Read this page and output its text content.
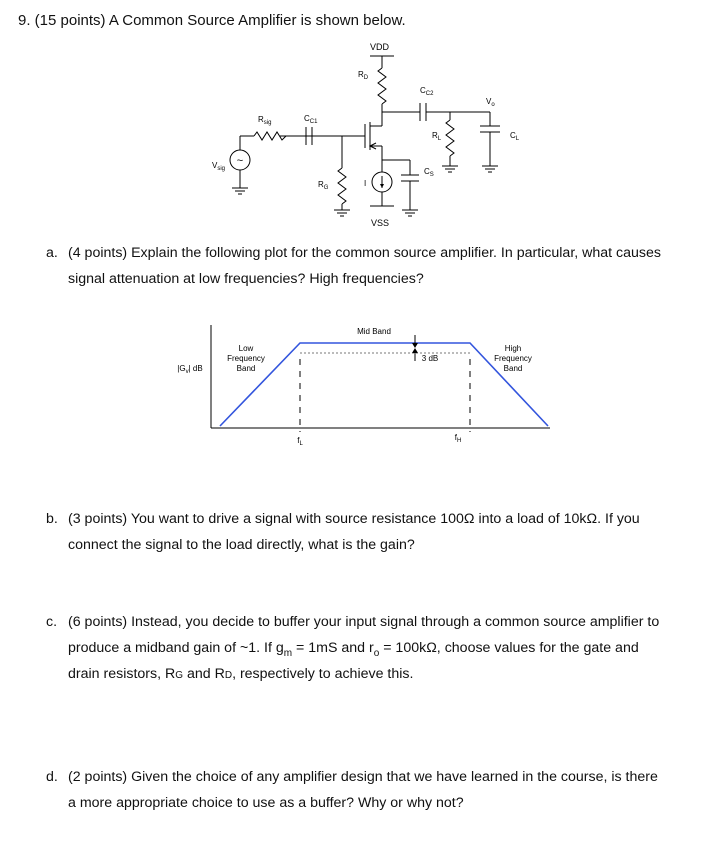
9. (15 points) A Common Source Amplifier is shown below.
~
VDD
VSS
$R_D$
$C_{C2}$
$V_o$
$C_{C1}$
$R_{sig}$
$R_L$	$C_L$
$V_{sig}$
$R_G$	I
$C_S$
a. (4 points) Explain the following plot for the common source amplifier. In particular, what causes
signal attenuation at low frequencies? High frequencies?
$|G_v|$ dB
Low
Frequency
Band
Mid Band
3 dB
High
Frequency
Band
$f_L$
$f_H$
b. (3 points) You want to drive a signal with source resistance 100Ω into a load of 10kΩ. If you
connect the signal to the load directly, what is the gain?
c. (6 points) Instead, you decide to buffer your input signal through a common source amplifier to
produce a midband gain of ~1. If $g_m = 1mS$ and $r_o = 100k\Omega$, choose values for the gate and
drain resistors, RG and RD, respectively to achieve this.
d. (2 points) Given the choice of any amplifier design that we have learned in the course, is there
a more appropriate choice to use as a buffer? Why or why not?
